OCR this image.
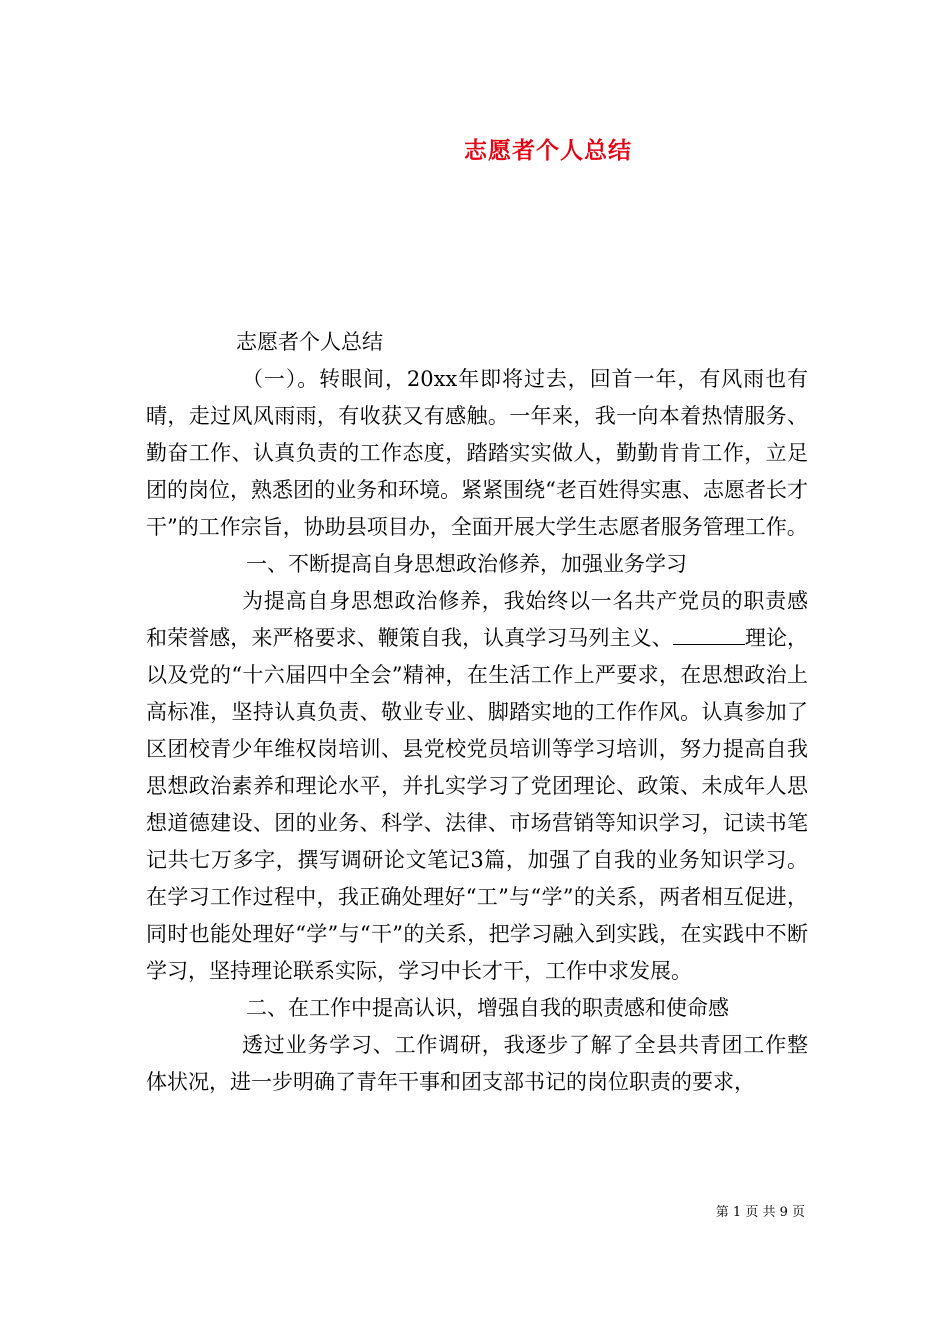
志愿者个人总结

志愿者个人总结

（一）。转眼间，20xx年即将过去，回首一年，有风雨也有晴，走过风风雨雨，有收获又有感触。一年来，我一向本着热情服务、勤奋工作、认真负责的工作态度，踏踏实实做人，勤勤肯肯工作，立足团的岗位，熟悉团的业务和环境。紧紧围绕“老百姓得实惠、志愿者长才干”的工作宗旨，协助县项目办，全面开展大学生志愿者服务管理工作。

一、不断提高自身思想政治修养，加强业务学习

为提高自身思想政治修养，我始终以一名共产党员的职责感和荣誉感，来严格要求、鞭策自我，认真学习马列主义、	理论，以及党的“十六届四中全会”精神，在生活工作上严要求，在思想政治上高标准，坚持认真负责、敬业专业、脚踏实地的工作作风。认真参加了区团校青少年维权岗培训、县党校党员培训等学习培训，努力提高自我思想政治素养和理论水平，并扎实学习了党团理论、政策、未成年人思想道德建设、团的业务、科学、法律、市场营销等知识学习，记读书笔记共七万多字，撰写调研论文笔记3篇，加强了自我的业务知识学习。在学习工作过程中，我正确处理好“工”与“学”的关系，两者相互促进，同时也能处理好“学”与“干”的关系，把学习融入到实践，在实践中不断学习，坚持理论联系实际，学习中长才干，工作中求发展。

二、在工作中提高认识，增强自我的职责感和使命感

透过业务学习、工作调研，我逐步了解了全县共青团工作整体状况，进一步明确了青年干事和团支部书记的岗位职责的要求，

第 1 页 共 9 页
